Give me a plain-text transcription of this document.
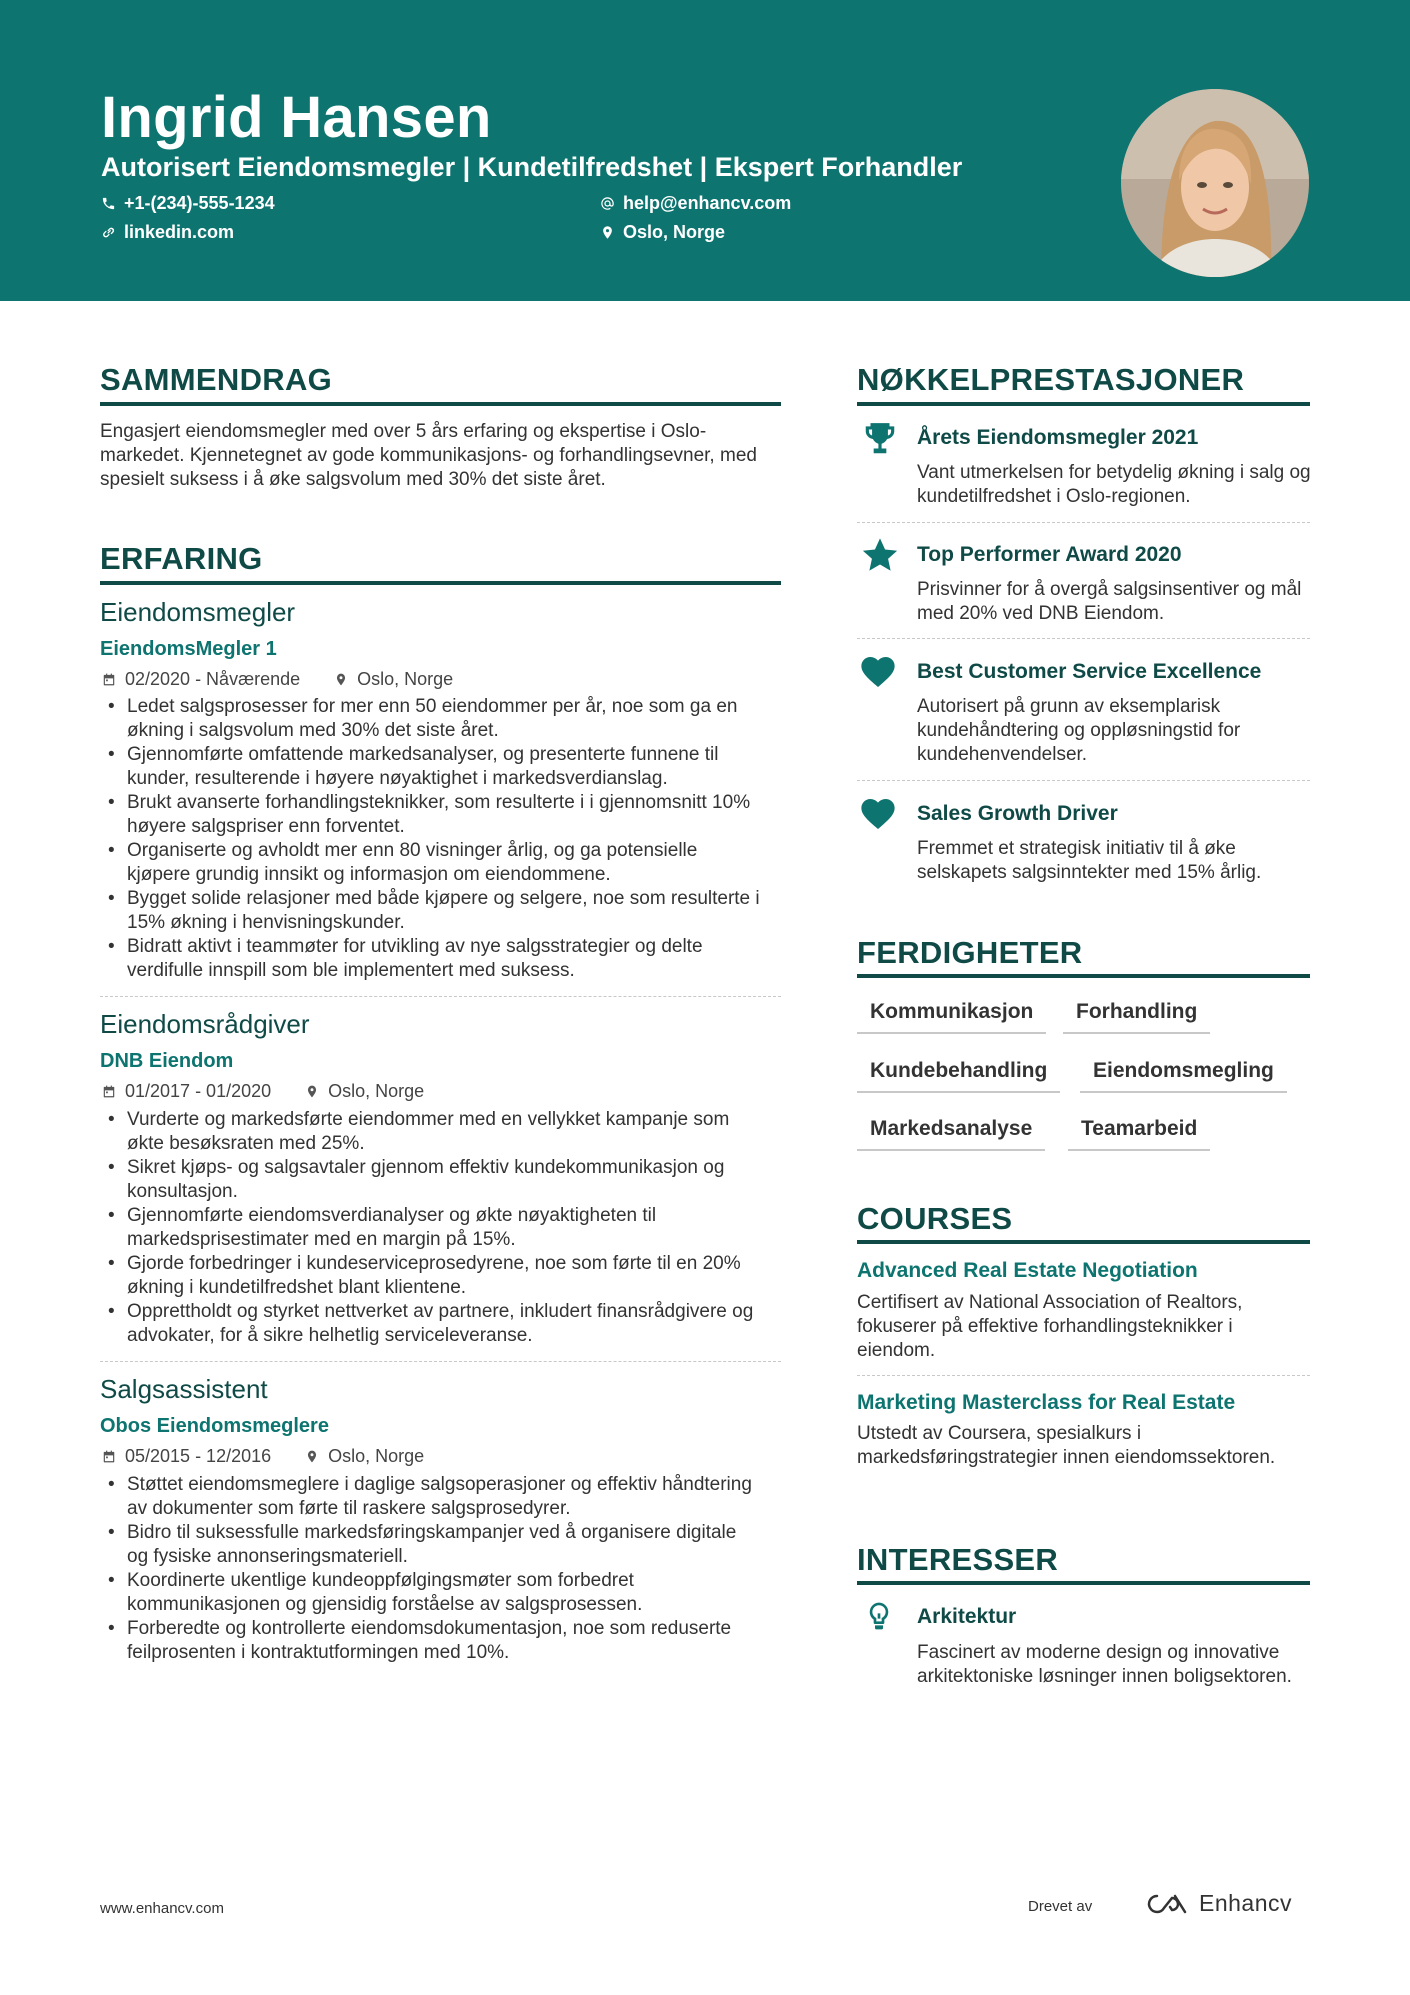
Ingrid Hansen
Autorisert Eiendomsmegler | Kundetilfredshet | Ekspert Forhandler
+1-(234)-555-1234	help@enhancv.com
linkedin.com	Oslo, Norge
SAMMENDRAG
Engasjert eiendomsmegler med over 5 års erfaring og ekspertise i Oslo-markedet. Kjennetegnet av gode kommunikasjons- og forhandlingsevner, med spesielt suksess i å øke salgsvolum med 30% det siste året.
ERFARING
Eiendomsmegler
EiendomsMegler 1
02/2020 - Nåværende	Oslo, Norge
• Ledet salgsprosesser for mer enn 50 eiendommer per år, noe som ga en økning i salgsvolum med 30% det siste året.
• Gjennomførte omfattende markedsanalyser, og presenterte funnene til kunder, resulterende i høyere nøyaktighet i markedsverdianslag.
• Brukt avanserte forhandlingsteknikker, som resulterte i i gjennomsnitt 10% høyere salgspriser enn forventet.
• Organiserte og avholdt mer enn 80 visninger årlig, og ga potensielle kjøpere grundig innsikt og informasjon om eiendommene.
• Bygget solide relasjoner med både kjøpere og selgere, noe som resulterte i 15% økning i henvisningskunder.
• Bidratt aktivt i teammøter for utvikling av nye salgsstrategier og delte verdifulle innspill som ble implementert med suksess.
Eiendomsrådgiver
DNB Eiendom
01/2017 - 01/2020	Oslo, Norge
• Vurderte og markedsførte eiendommer med en vellykket kampanje som økte besøksraten med 25%.
• Sikret kjøps- og salgsavtaler gjennom effektiv kundekommunikasjon og konsultasjon.
• Gjennomførte eiendomsverdianalyser og økte nøyaktigheten til markedsprisestimater med en margin på 15%.
• Gjorde forbedringer i kundeserviceprosedyrene, noe som førte til en 20% økning i kundetilfredshet blant klientene.
• Opprettholdt og styrket nettverket av partnere, inkludert finansrådgivere og advokater, for å sikre helhetlig serviceleveranse.
Salgsassistent
Obos Eiendomsmeglere
05/2015 - 12/2016	Oslo, Norge
• Støttet eiendomsmeglere i daglige salgsoperasjoner og effektiv håndtering av dokumenter som førte til raskere salgsprosedyrer.
• Bidro til suksessfulle markedsføringskampanjer ved å organisere digitale og fysiske annonseringsmateriell.
• Koordinerte ukentlige kundeoppfølgingsmøter som forbedret kommunikasjonen og gjensidig forståelse av salgsprosessen.
• Forberedte og kontrollerte eiendomsdokumentasjon, noe som reduserte feilprosenten i kontraktutformingen med 10%.
NØKKELPRESTASJONER
Årets Eiendomsmegler 2021
Vant utmerkelsen for betydelig økning i salg og kundetilfredshet i Oslo-regionen.
Top Performer Award 2020
Prisvinner for å overgå salgsinsentiver og mål med 20% ved DNB Eiendom.
Best Customer Service Excellence
Autorisert på grunn av eksemplarisk kundehåndtering og oppløsningstid for kundehenvendelser.
Sales Growth Driver
Fremmet et strategisk initiativ til å øke selskapets salgsinntekter med 15% årlig.
FERDIGHETER
Kommunikasjon	Forhandling
Kundebehandling	Eiendomsmegling
Markedsanalyse	Teamarbeid
COURSES
Advanced Real Estate Negotiation
Certifisert av National Association of Realtors, fokuserer på effektive forhandlingsteknikker i eiendom.
Marketing Masterclass for Real Estate
Utstedt av Coursera, spesialkurs i markedsføringstrategier innen eiendomssektoren.
INTERESSER
Arkitektur
Fascinert av moderne design og innovative arkitektoniske løsninger innen boligsektoren.
www.enhancv.com	Drevet av	Enhancv
